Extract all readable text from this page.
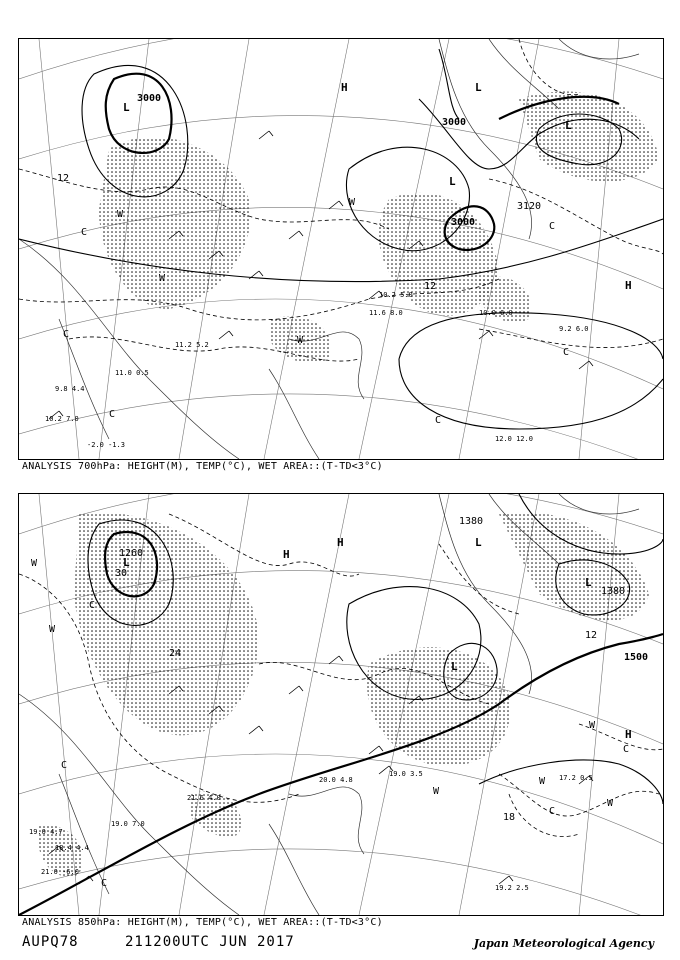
3000
3000
3000
3120
12
12
L
L
L
L
H
H
C
C
C
C
W
W
W
W
C
C
10.0 6.0
9.2 6.0
12.0 12.0
11.6 8.0
10.2 5.0
-2.0 -1.3
9.8 4.4
11.0 0.5
10.2 7.0
11.2 5.2
ANALYSIS 700hPa: HEIGHT(M), TEMP(°C), WET AREA::(T-TD<3°C)
1260
1380
1500
1380
24
18
12
30
L
L
L
L
H
H
H
W
C
W
C
W
W
W
W
C
C
C
19.0 3.5
19.2 2.5
17.2 0.5
20.0 4.8
19.0 4.7
18.4 4.4
21.0 -6.0
19.0 7.0
21.6 4.0
ANALYSIS 850hPa: HEIGHT(M), TEMP(°C), WET AREA::(T-TD<3°C)
AUPQ78	211200UTC JUN 2017	Japan Meteorological Agency
